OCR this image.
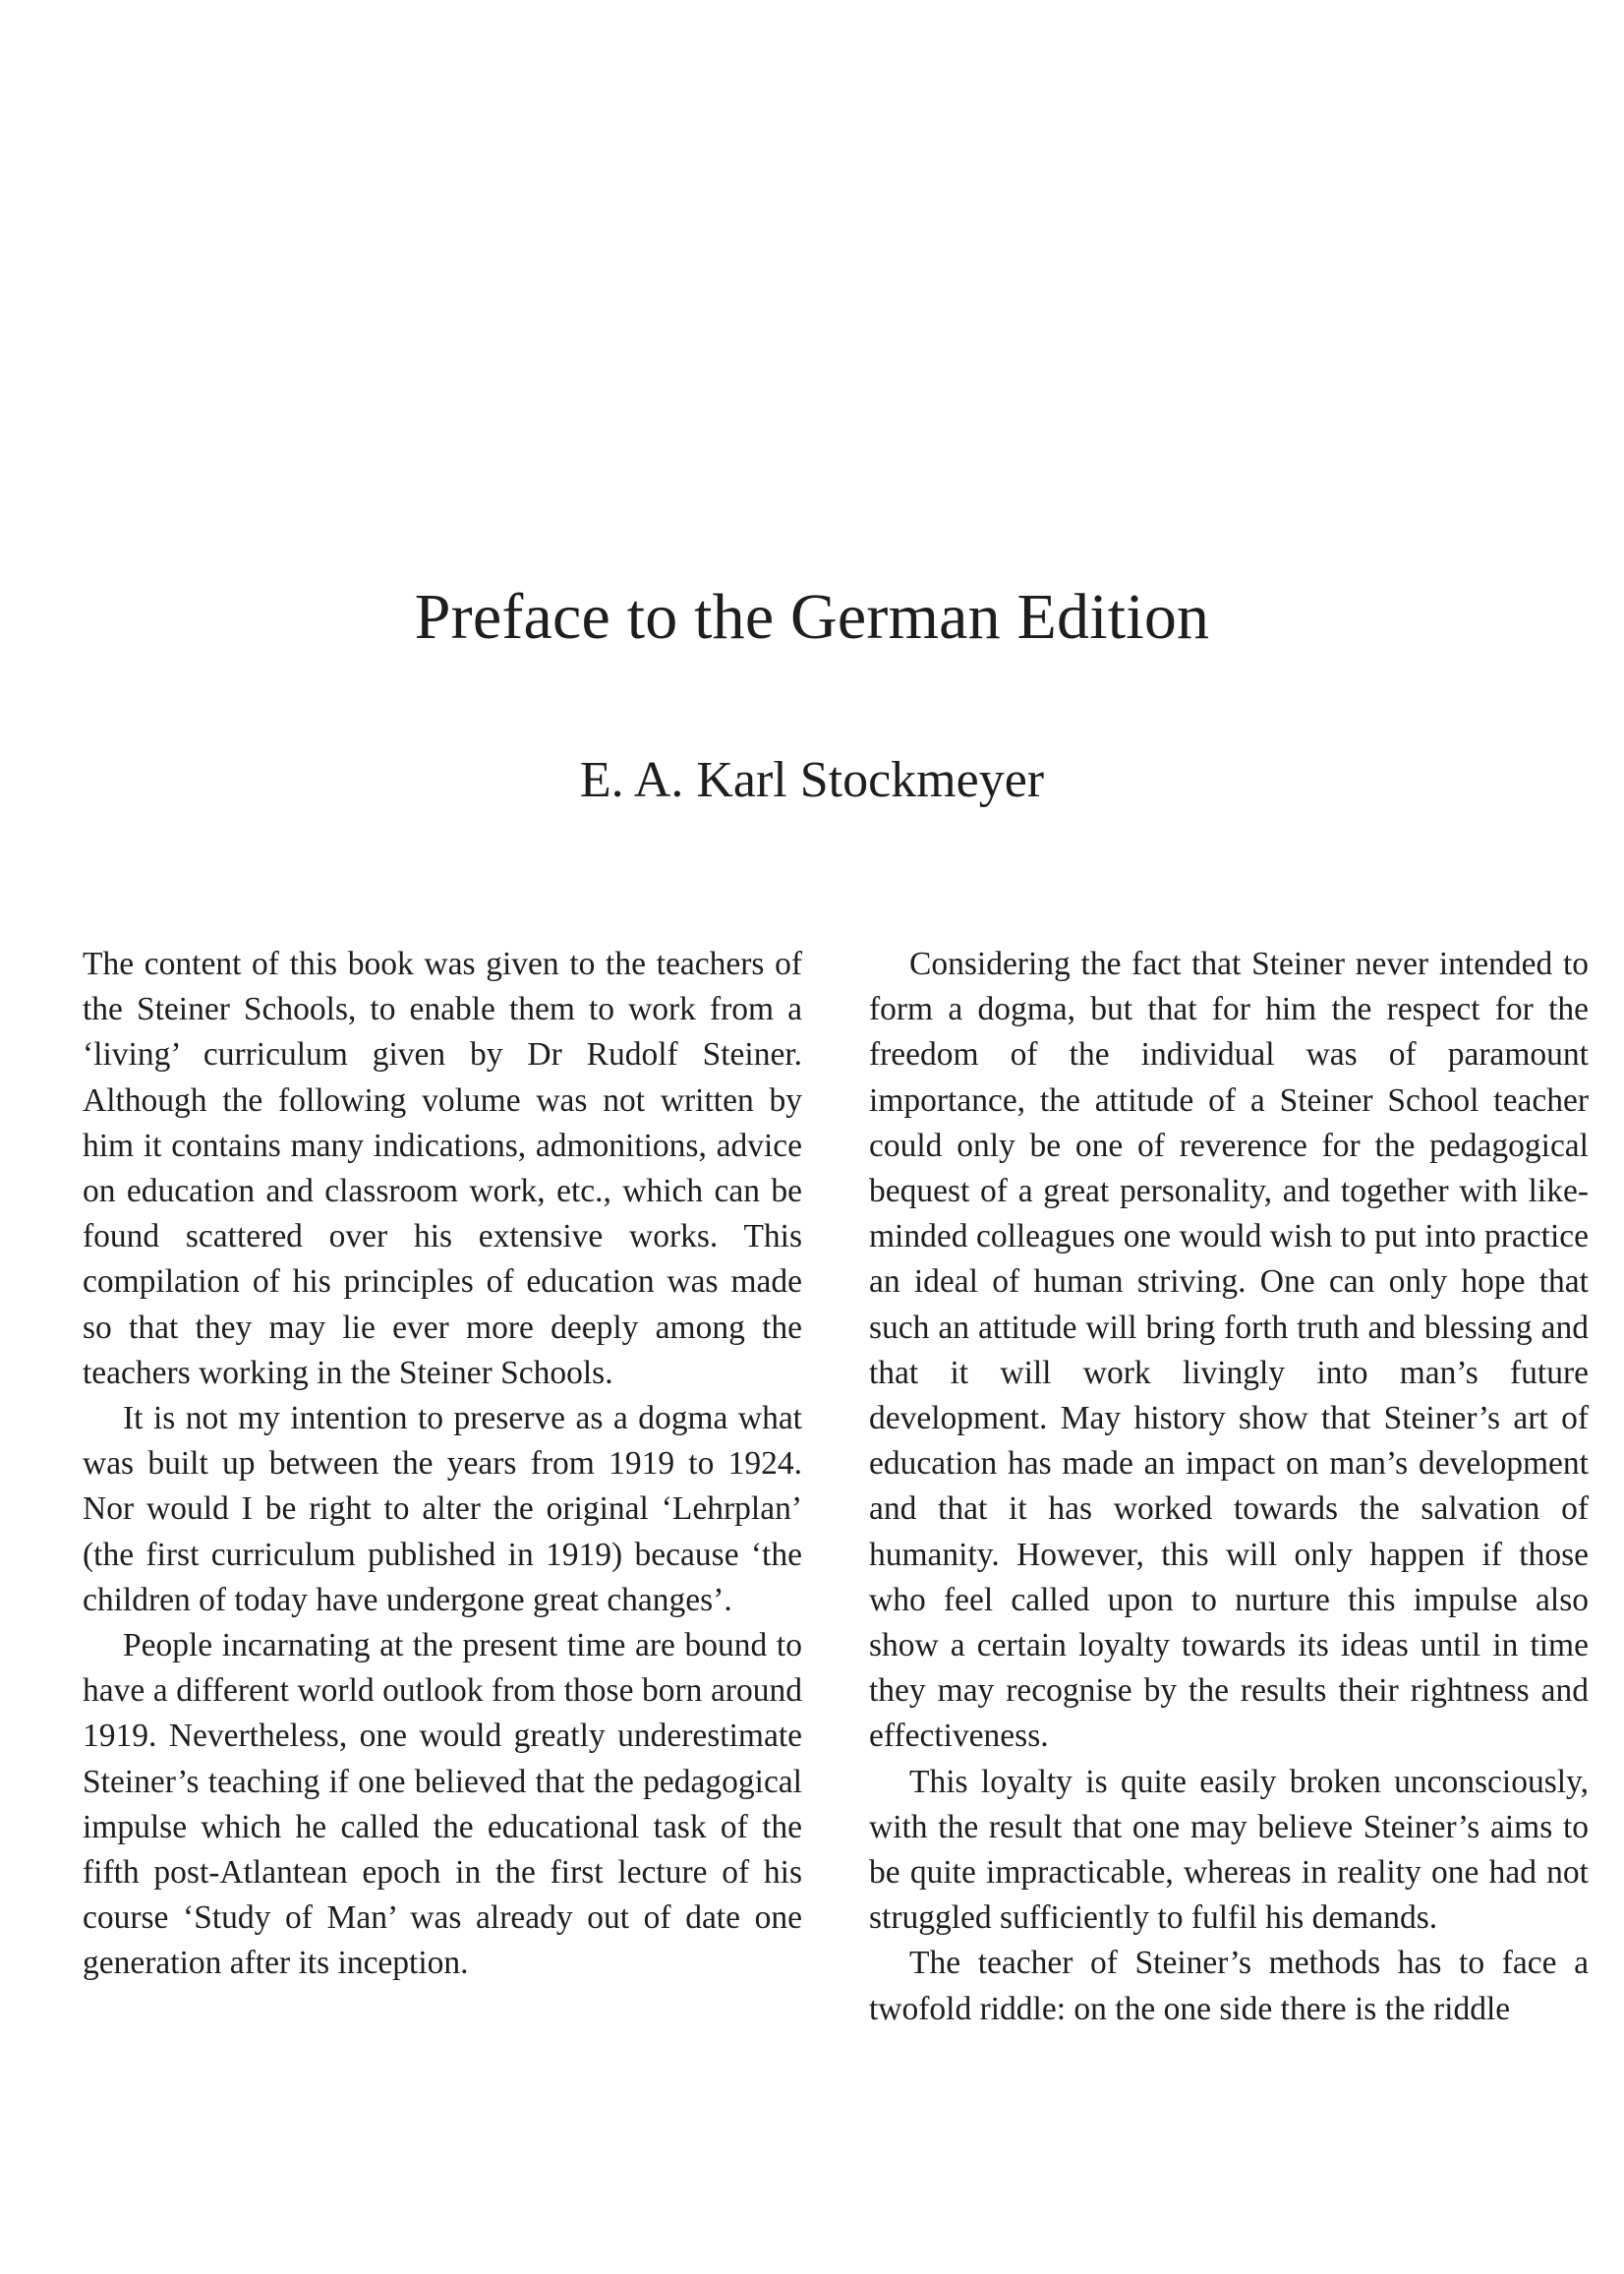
Preface to the German Edition
E. A. Karl Stockmeyer

The content of this book was given to the teachers of the Steiner Schools, to enable them to work from a ‘living’ curriculum given by Dr Rudolf Steiner. Although the following volume was not written by him it contains many indications, admonitions, advice on education and classroom work, etc., which can be found scattered over his extensive works. This compilation of his principles of education was made so that they may lie ever more deeply among the teachers working in the Steiner Schools.

It is not my intention to preserve as a dogma what was built up between the years from 1919 to 1924. Nor would I be right to alter the original ‘Lehrplan’ (the first curriculum published in 1919) because ‘the children of today have undergone great changes’.

People incarnating at the present time are bound to have a different world outlook from those born around 1919. Nevertheless, one would greatly underestimate Steiner’s teaching if one believed that the pedagogical impulse which he called the educational task of the fifth post-Atlantean epoch in the first lecture of his course ‘Study of Man’ was already out of date one generation after its inception.

Considering the fact that Steiner never intended to form a dogma, but that for him the respect for the freedom of the individual was of paramount importance, the attitude of a Steiner School teacher could only be one of reverence for the pedagogical bequest of a great personality, and together with like-minded colleagues one would wish to put into practice an ideal of human striving. One can only hope that such an attitude will bring forth truth and blessing and that it will work livingly into man’s future development. May history show that Steiner’s art of education has made an impact on man’s development and that it has worked towards the salvation of humanity. However, this will only happen if those who feel called upon to nurture this impulse also show a certain loyalty towards its ideas until in time they may recognise by the results their rightness and effectiveness.

This loyalty is quite easily broken unconsciously, with the result that one may believe Steiner’s aims to be quite impracticable, whereas in reality one had not struggled sufficiently to fulfil his demands.

The teacher of Steiner’s methods has to face a twofold riddle: on the one side there is the riddle
